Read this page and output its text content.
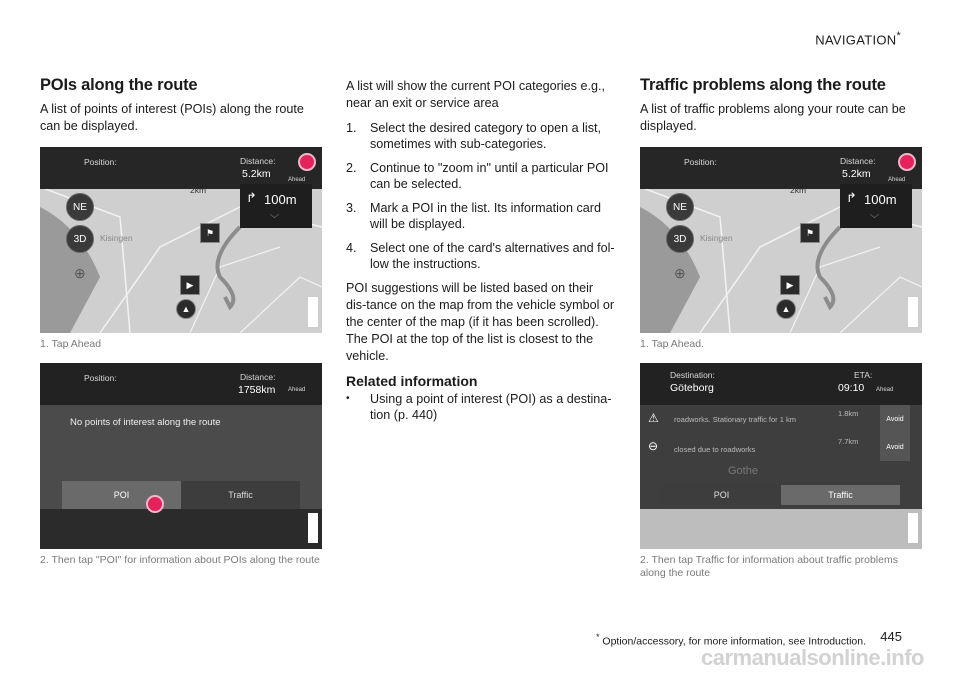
NAVIGATION*
POIs along the route

A list of points of interest (POIs) along the route can be displayed.

Position:	Distance:
5.2km	Ahead
NE
3D
⊕
2km
Kisingen
↱ 100m
﹀
⚑
▶
▲

1. Tap Ahead

Position:	Distance:
1758km Ahead
No points of interest along the route
POI	Traffic

2. Then tap "POI" for information about POIs along the route

A list will show the current POI categories e.g., near an exit or service area

1.	Select the desired category to open a list, sometimes with sub-categories.
2.	Continue to "zoom in" until a particular POI can be selected.
3.	Mark a POI in the list. Its information card will be displayed.
4.	Select one of the card's alternatives and fol-low the instructions.

POI suggestions will be listed based on their dis-tance on the map from the vehicle symbol or the center of the map (if it has been scrolled). The POI at the top of the list is closest to the vehicle.

Related information
•	Using a point of interest (POI) as a destina-tion (p. 440)
Traffic problems along the route

A list of traffic problems along your route can be displayed.

Position:	Distance:
5.2km	Ahead
NE
3D
⊕
2km
Kisingen
↱ 100m
﹀
⚑
▶
▲

1. Tap Ahead.

Destination:
Göteborg
ETA:
09:10 Ahead
⚠ roadworks. Stationary traffic for 1 km
1.8km
Avoid
⊖ closed due to roadworks
7.7km
Avoid
Gothe
POI	Traffic

2. Then tap Traffic for information about traffic problems along the route

* Option/accessory, for more information, see Introduction. 445
carmanualsonline.info
